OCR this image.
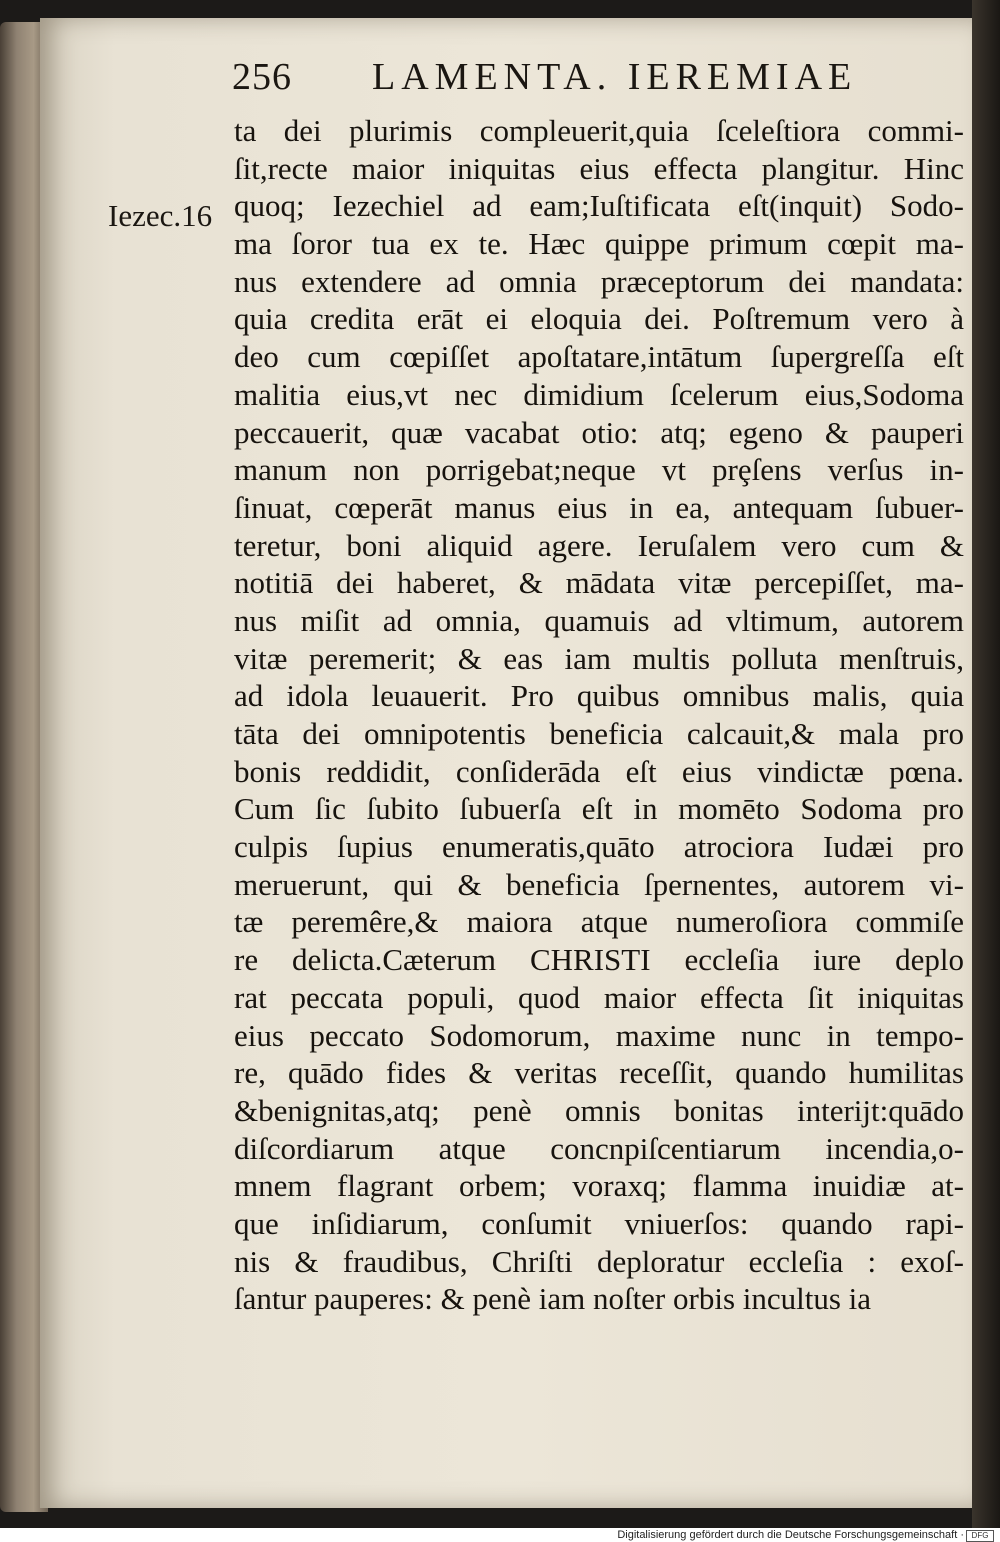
256 LAMENTA. IEREMIAE
Iezec.16
ta dei plurimis compleuerit,quia ſceleſtiora commi-
ſit,recte maior iniquitas eius effecta plangitur. Hinc
quoq; Iezechiel ad eam;Iuſtificata eſt(inquit) Sodo-
ma ſoror tua ex te. Hæc quippe primum cœpit ma-
nus extendere ad omnia præceptorum dei mandata:
quia credita erāt ei eloquia dei. Poſtremum vero à
deo cum cœpiſſet apoſtatare,intātum ſupergreſſa eſt
malitia eius,vt nec dimidium ſcelerum eius,Sodoma
peccauerit, quæ vacabat otio: atq; egeno & pauperi
manum non porrigebat;neque vt prȩſens verſus in-
ſinuat, cœperāt manus eius in ea, antequam ſubuer-
teretur, boni aliquid agere. Ieruſalem vero cum &
notitiā dei haberet, & mādata vitæ percepiſſet, ma-
nus miſit ad omnia, quamuis ad vltimum, autorem
vitæ peremerit; & eas iam multis polluta menſtruis,
ad idola leuauerit. Pro quibus omnibus malis, quia
tāta dei omnipotentis beneficia calcauit,& mala pro
bonis reddidit, conſiderāda eſt eius vindictæ pœna.
Cum ſic ſubito ſubuerſa eſt in momēto Sodoma pro
culpis ſupius enumeratis,quāto atrociora Iudæi pro
meruerunt, qui & beneficia ſpernentes, autorem vi-
tæ peremêre,& maiora atque numeroſiora commiſe
re delicta.Cæterum CHRISTI eccleſia iure deplo
rat peccata populi, quod maior effecta ſit iniquitas
eius peccato Sodomorum, maxime nunc in tempo-
re, quādo fides & veritas receſſit, quando humilitas
&benignitas,atq; penè omnis bonitas interijt:quādo
diſcordiarum atque concnpiſcentiarum incendia,o-
mnem flagrant orbem; voraxq; flamma inuidiæ at-
que inſidiarum, conſumit vniuerſos: quando rapi-
nis & fraudibus, Chriſti deploratur eccleſia : exoſ-
ſantur pauperes: & penè iam noſter orbis incultus ia
Digitalisierung gefördert durch die Deutsche Forschungsgemeinschaft · DFG
